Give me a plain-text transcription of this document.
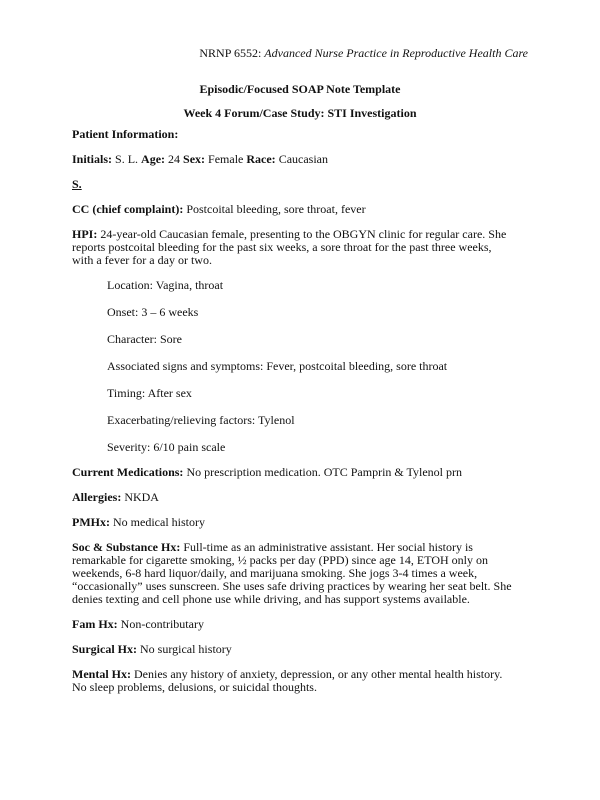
NRNP 6552: Advanced Nurse Practice in Reproductive Health Care

Episodic/Focused SOAP Note Template

Week 4 Forum/Case Study: STI Investigation

Patient Information:

Initials: S. L. Age: 24 Sex: Female Race: Caucasian

S.

CC (chief complaint): Postcoital bleeding, sore throat, fever

HPI: 24-year-old Caucasian female, presenting to the OBGYN clinic for regular care. She reports postcoital bleeding for the past six weeks, a sore throat for the past three weeks, with a fever for a day or two.

Location: Vagina, throat
Onset: 3 – 6 weeks
Character: Sore
Associated signs and symptoms: Fever, postcoital bleeding, sore throat
Timing: After sex
Exacerbating/relieving factors: Tylenol
Severity: 6/10 pain scale

Current Medications: No prescription medication. OTC Pamprin & Tylenol prn

Allergies: NKDA

PMHx: No medical history

Soc & Substance Hx: Full-time as an administrative assistant. Her social history is remarkable for cigarette smoking, ½ packs per day (PPD) since age 14, ETOH only on weekends, 6-8 hard liquor/daily, and marijuana smoking. She jogs 3-4 times a week, “occasionally” uses sunscreen. She uses safe driving practices by wearing her seat belt. She denies texting and cell phone use while driving, and has support systems available.

Fam Hx: Non-contributary

Surgical Hx: No surgical history

Mental Hx: Denies any history of anxiety, depression, or any other mental health history. No sleep problems, delusions, or suicidal thoughts.
